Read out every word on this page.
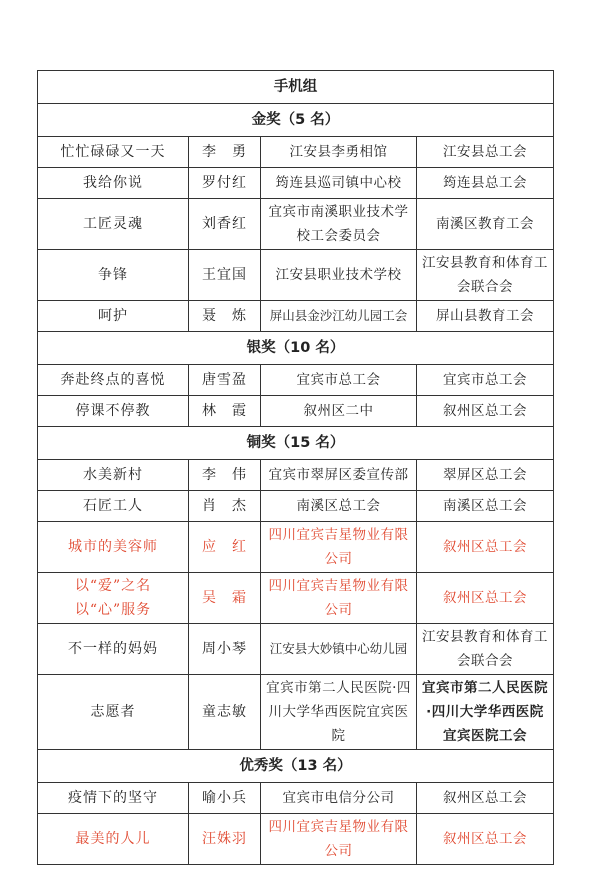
手机组			
金奖（5 名）			
忙忙碌碌又一天	李　勇	江安县李勇相馆	江安县总工会
我给你说	罗付红	筠连县巡司镇中心校	筠连县总工会
工匠灵魂	刘香红	宜宾市南溪职业技术学校工会委员会	南溪区教育工会
争锋	王宜国	江安县职业技术学校	江安县教育和体育工会联合会
呵护	聂　炼	屏山县金沙江幼儿园工会	屏山县教育工会
银奖（10 名）			
奔赴终点的喜悦	唐雪盈	宜宾市总工会	宜宾市总工会
停课不停教	林　霞	叙州区二中	叙州区总工会
铜奖（15 名）			
水美新村	李　伟	宜宾市翠屏区委宣传部	翠屏区总工会
石匠工人	肖　杰	南溪区总工会	南溪区总工会
城市的美容师	应　红	四川宜宾吉星物业有限公司	叙州区总工会

以“爱”之名
以“心”服务	吴　霜	四川宜宾吉星物业有限公司	叙州区总工会
不一样的妈妈	周小琴	江安县大妙镇中心幼儿园	江安县教育和体育工会联合会
志愿者	童志敏	宜宾市第二人民医院·四川大学华西医院宜宾医院	宜宾市第二人民医院·四川大学华西医院宜宾医院工会
优秀奖（13 名）			
疫情下的坚守	喻小兵	宜宾市电信分公司	叙州区总工会
最美的人儿	汪姝羽	四川宜宾吉星物业有限公司	叙州区总工会
